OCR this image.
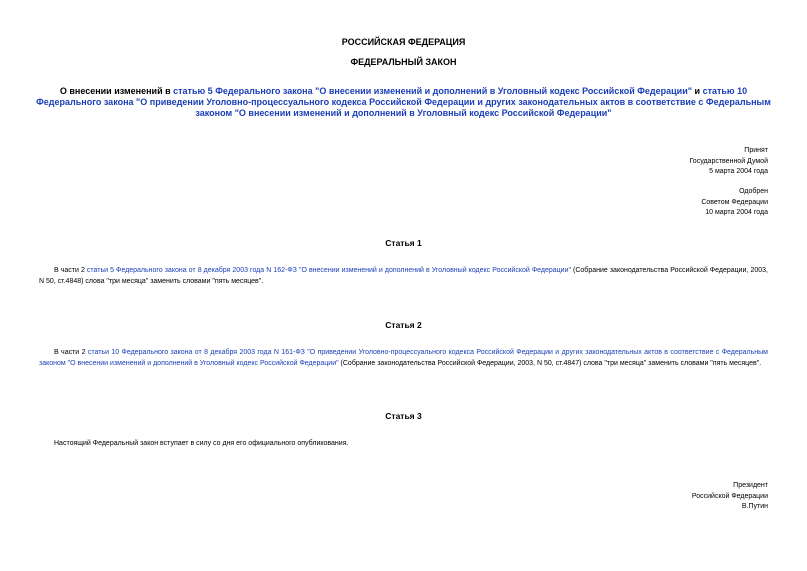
РОССИЙСКАЯ ФЕДЕРАЦИЯ
ФЕДЕРАЛЬНЫЙ ЗАКОН
О внесении изменений в статью 5 Федерального закона "О внесении изменений и дополнений в Уголовный кодекс Российской Федерации" и статью 10 Федерального закона "О приведении Уголовно-процессуального кодекса Российской Федерации и других законодательных актов в соответствие с Федеральным законом "О внесении изменений и дополнений в Уголовный кодекс Российской Федерации"
Принят
Государственной Думой
5 марта 2004 года
Одобрен
Советом Федерации
10 марта 2004 года
Статья 1
В части 2 статьи 5 Федерального закона от 8 декабря 2003 года N 162-ФЗ "О внесении изменений и дополнений в Уголовный кодекс Российской Федерации" (Собрание законодательства Российской Федерации, 2003, N 50, ст.4848) слова "три месяца" заменить словами "пять месяцев".
Статья 2
В части 2 статьи 10 Федерального закона от 8 декабря 2003 года N 161-ФЗ "О приведении Уголовно-процессуального кодекса Российской Федерации и других законодательных актов в соответствие с Федеральным законом "О внесении изменений и дополнений в Уголовный кодекс Российской Федерации" (Собрание законодательства Российской Федерации, 2003, N 50, ст.4847) слова "три месяца" заменить словами "пять месяцев".
Статья 3
Настоящий Федеральный закон вступает в силу со дня его официального опубликования.
Президент
Российской Федерации
В.Путин
